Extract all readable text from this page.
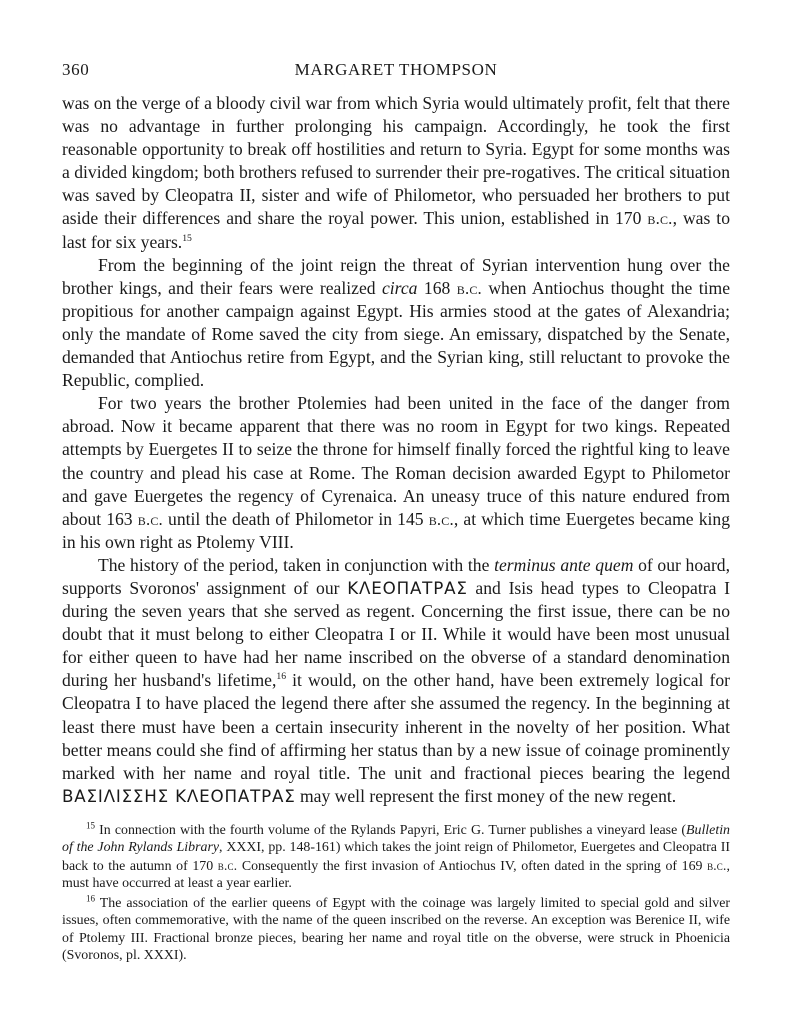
360	MARGARET THOMPSON

was on the verge of a bloody civil war from which Syria would ultimately profit, felt that there was no advantage in further prolonging his campaign. Accordingly, he took the first reasonable opportunity to break off hostilities and return to Syria. Egypt for some months was a divided kingdom; both brothers refused to surrender their pre-rogatives. The critical situation was saved by Cleopatra II, sister and wife of Philometor, who persuaded her brothers to put aside their differences and share the royal power. This union, established in 170 b.c., was to last for six years.$^{15}$

From the beginning of the joint reign the threat of Syrian intervention hung over the brother kings, and their fears were realized circa 168 b.c. when Antiochus thought the time propitious for another campaign against Egypt. His armies stood at the gates of Alexandria; only the mandate of Rome saved the city from siege. An emissary, dispatched by the Senate, demanded that Antiochus retire from Egypt, and the Syrian king, still reluctant to provoke the Republic, complied.

For two years the brother Ptolemies had been united in the face of the danger from abroad. Now it became apparent that there was no room in Egypt for two kings. Repeated attempts by Euergetes II to seize the throne for himself finally forced the rightful king to leave the country and plead his case at Rome. The Roman decision awarded Egypt to Philometor and gave Euergetes the regency of Cyrenaica. An uneasy truce of this nature endured from about 163 b.c. until the death of Philometor in 145 b.c., at which time Euergetes became king in his own right as Ptolemy VIII.

The history of the period, taken in conjunction with the terminus ante quem of our hoard, supports Svoronos' assignment of our ΚΛΕΟΠΑΤΡΑΣ and Isis head types to Cleopatra I during the seven years that she served as regent. Concerning the first issue, there can be no doubt that it must belong to either Cleopatra I or II. While it would have been most unusual for either queen to have had her name inscribed on the obverse of a standard denomination during her husband's lifetime,$^{16}$ it would, on the other hand, have been extremely logical for Cleopatra I to have placed the legend there after she assumed the regency. In the beginning at least there must have been a certain insecurity inherent in the novelty of her position. What better means could she find of affirming her status than by a new issue of coinage prominently marked with her name and royal title. The unit and fractional pieces bearing the legend ΒΑΣΙΛΙΣΣΗΣ ΚΛΕΟΠΑΤΡΑΣ may well represent the first money of the new regent.

$^{15}$ In connection with the fourth volume of the Rylands Papyri, Eric G. Turner publishes a vineyard lease (Bulletin of the John Rylands Library, XXXI, pp. 148-161) which takes the joint reign of Philometor, Euergetes and Cleopatra II back to the autumn of 170 b.c. Consequently the first invasion of Antiochus IV, often dated in the spring of 169 b.c., must have occurred at least a year earlier.

$^{16}$ The association of the earlier queens of Egypt with the coinage was largely limited to special gold and silver issues, often commemorative, with the name of the queen inscribed on the reverse. An exception was Berenice II, wife of Ptolemy III. Fractional bronze pieces, bearing her name and royal title on the obverse, were struck in Phoenicia (Svoronos, pl. XXXI).
